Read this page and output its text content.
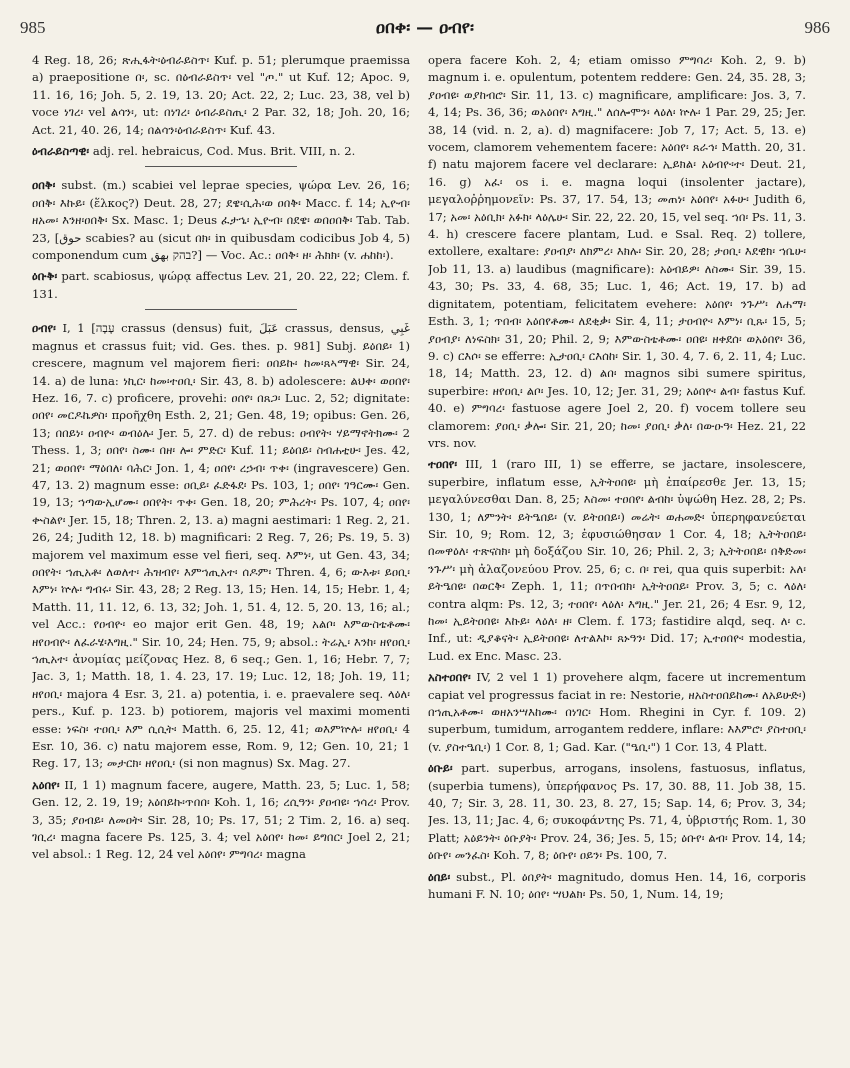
985	ዐበቀ፡ — ዐብየ፡	986

4 Reg. 18, 26; ጽሒፋት፡ዕብራይስጥ፡ Kuf. p. 51; plerumque praemissa a) praepositione በ፡, sc. በዕብራይስጥ፡ vel "ጦ." ut Kuf. 12; Apoc. 9, 11. 16, 16; Joh. 5, 2. 19, 13. 20; Act. 22, 2; Luc. 23, 38, vel b) voce ነገረ፡ vel ልሳን፡, ut: በነገረ፡ ዕብራይስጢ፡ 2 Par. 32, 18; Joh. 20, 16; Act. 21, 40. 26, 14; በልሳን፡ዕብራይስጥ፡ Kuf. 43.

ዕብራይስጣዊ፡ adj. rel. hebraicus, Cod. Mus. Brit. VIII, n. 2.

ዐበቅ፡ subst. (m.) scabiei vel leprae species, ψώρα Lev. 26, 16; ዐበቅ፡ እኩይ፡ (ἕλκος?) Deut. 28, 27; ደዌ፡ሲሕ፡ወ ዐበቅ፡ Macc. f. 14; ኢዮብ፡ዘአመ፡ እንዘ፡ዐበቅ፡ Sx. Masc. 1; Deus ፈታኄ፡ ኢዮብ፡ በደዌ፡ ወበዐበቅ፡ Tab. Tab. 23, [ﺣﻮﻕ scabies? au (sicut በክ፡ in quibusdam codicibus Job 4, 5) componendum cum בהק ﺑﻬﻖ?] — Voc. Ac.: ዐበቅ፡ ዘ፡ ሕክክ፡ (v. ሐከከ፡).

ዕቡቅ፡ part. scabiosus, ψώρᾳ affectus Lev. 21, 20. 22, 22; Clem. f. 131.

ዐብየ፡ I, 1 [עָבָה crassus (densus) fuit, ﻋَﺒَﻞَ crassus, densus, ﻏَﺒِﻲ magnus et crassus fuit; vid. Ges. thes. p. 981] Subj. ይዕበይ፡ 1) crescere, magnum vel majorem fieri: ዐበይኩ፡ ከመ፡ጸኣማዊ፡ Sir. 24, 14. a) de luna: ነኪር፡ ከመ፡ተዐቢ፡ Sir. 43, 8. b) adolescere: ልህቀ፡ ወዐበየ፡ Hez. 16, 7. c) proficere, provehi: ዐበየ፡ በጸጋ፡ Luc. 2, 52; dignitate: ዐበየ፡ መርዶኬዎስ፡ προῆχθη Esth. 2, 21; Gen. 48, 19; opibus: Gen. 26, 13; በበይነ፡ ዐብዮ፡ ወብዕሉ፡ Jer. 5, 27. d) de rebus: ዐብየት፡ ሃይማኖትክሙ፡ 2 Thess. 1, 3; ዐበየ፡ ስሙ፡ በዘ፡ ሎ፡ ምድር፡ Kuf. 11; ይዕበይ፡ ስብሐቲሁ፡ Jes. 42, 21; ወዐበየ፡ ማዕበለ፡ ባሕር፡ Jon. 1, 4; ዐበየ፡ ረኃብ፡ ጥቀ፡ (ingravescere) Gen. 47, 13. 2) magnum esse: ዐቢይ፡ ፈድፋደ፡ Ps. 103, 1; ዐበየ፡ ገዓርሙ፡ Gen. 19, 13; ኀጣውኢሆሙ፡ ዐበየት፡ ጥቀ፡ Gen. 18, 20; ምሕረት፡ Ps. 107, 4; ዐበየ፡ ቍስልየ፡ Jer. 15, 18; Thren. 2, 13. a) magni aestimari: 1 Reg. 2, 21. 26, 24; Judith 12, 18. b) magnificari: 2 Reg. 7, 26; Ps. 19, 5. 3) majorem vel maximum esse vel fieri, seq. እምነ፡, ut Gen. 43, 34; ዐበየት፡ ኀጢአቶ፡ ለወለተ፡ ሕዝብየ፡ እምኀጢአተ፡ ሰዶም፡ Thren. 4, 6; ውእቱ፡ ይዐቢ፡ እምነ፡ ኵሉ፡ ግብሩ፡ Sir. 43, 28; 2 Reg. 13, 15; Hen. 14, 15; Hebr. 1, 4; Matth. 11, 11. 12, 6. 13, 32; Joh. 1, 51. 4, 12. 5, 20. 13, 16; al.; vel Acc.: የዐብዮ፡ eo major erit Gen. 48, 19; አልቦ፡ እምውስቴቶሙ፡ ዘየዐብዮ፡ ለፈራሄ፡እግዚ." Sir. 10, 24; Hen. 75, 9; absol.: ትሬኢ፡ እንከ፡ ዘየዐቢ፡ ኀጢአተ፡ ἀνομίας μείζονας Hez. 8, 6 seq.; Gen. 1, 16; Hebr. 7, 7; Jac. 3, 1; Matth. 18, 1. 4. 23, 17. 19; Luc. 12, 18; Joh. 19, 11; ዘየዐቢ፡ majora 4 Esr. 3, 21. a) potentia, i. e. praevalere seq. ላዕለ፡ pers., Kuf. p. 123. b) potiorem, majoris vel maximi momenti esse: ነፍስ፡ ተዐቢ፡ እም ሲሲት፡ Matth. 6, 25. 12, 41; ወእምኵሉ፡ ዘየዐቢ፡ 4 Esr. 10, 36. c) natu majorem esse, Rom. 9, 12; Gen. 10, 21; 1 Reg. 17, 13; መታርክ፡ ዘየዐቢ፡ (si non magnus) Sx. Mag. 27.

አዕበየ፡ II, 1 1) magnum facere, augere, Matth. 23, 5; Luc. 1, 58; Gen. 12, 2. 19, 19; አዕበይኩ፡ጥበበ፡ Koh. 1, 16; ረሲዓን፡ ያዐብዩ፡ ኀሳረ፡ Prov. 3, 35; ያዐብይ፡ ለመዐት፡ Sir. 28, 10; Ps. 17, 51; 2 Tim. 2, 16. a) seq. ገቢረ፡ magna facere Ps. 125, 3. 4; vel አዕበየ፡ ከመ፡ ይግበር፡ Joel 2, 21; vel absol.: 1 Reg. 12, 24 vel አዕበየ፡ ምግባረ፡ magna

opera facere Koh. 2, 4; etiam omisso ምግባረ፡ Koh. 2, 9. b) magnum i. e. opulentum, potentem reddere: Gen. 24, 35. 28, 3; ያዐብዩ፡ ወያከብሮ፡ Sir. 11, 13. c) magnificare, amplificare: Jos. 3, 7. 4, 14; Ps. 36, 36; ወአዕበየ፡ እግዚ." ለሰሎሞን፡ ላዕለ፡ ኵሉ፡ 1 Par. 29, 25; Jer. 38, 14 (vid. n. 2, a). d) magnifacere: Job 7, 17; Act. 5, 13. e) vocem, clamorem vehementem facere: አዕበየ፡ ጸራኅ፡ Matth. 20, 31. f) natu majorem facere vel declarare: ኢይክል፡ አዕብዮ፡ተ፡ Deut. 21, 16. g) አፈ፡ os i. e. magna loqui (insolenter jactare), μεγαλοῤῥημονεῖν: Ps. 37, 17. 54, 13; መጠነ፡ አዕበየ፡ አፉሁ፡ Judith 6, 17; አመ፡ አዕቢክ፡ አፉክ፡ ላዕሌሁ፡ Sir. 22, 22. 20, 15, vel seq. ኀበ፡ Ps. 11, 3. 4. h) crescere facere plantam, Lud. e Ssal. Req. 2) tollere, extollere, exaltare: ያዐብያ፡ ለክምረ፡ እክሉ፡ Sir. 20, 28; ታዐቢ፡ እደዊክ፡ ኀቤሁ፡ Job 11, 13. a) laudibus (magnificare): አዕብይዎ፡ ለስሙ፡ Sir. 39, 15. 43, 30; Ps. 33, 4. 68, 35; Luc. 1, 46; Act. 19, 17. b) ad dignitatem, potentiam, felicitatem evehere: አዕበየ፡ ንጉሥ፡ ለሐማ፡ Esth. 3, 1; ጥበብ፡ አዕበየቶሙ፡ ለደቂቃ፡ Sir. 4, 11; ታዐብዮ፡ እምነ፡ ቢጹ፡ 15, 5; ያዐብያ፡ ለነፍስክ፡ 31, 20; Phil. 2, 9; እምውስቴቶሙ፡ ዐበዩ፡ ዘቀደሰ፡ ወአዕበየ፡ 36, 9. c) ርእሶ፡ se efferre: ኢታዐቢ፡ ርእሰከ፡ Sir. 1, 30. 4, 7. 6, 2. 11, 4; Luc. 18, 14; Matth. 23, 12. d) ልበ፡ magnos sibi sumere spiritus, superbire: ዘየዐቢ፡ ልቦ፡ Jes. 10, 12; Jer. 31, 29; አዕበዮ፡ ልብ፡ fastus Kuf. 40. e) ምግባረ፡ fastuose agere Joel 2, 20. f) vocem tollere seu clamorem: ያዐቢ፡ ቃሎ፡ Sir. 21, 20; ከመ፡ ያዐቢ፡ ቃለ፡ በውዑዓ፡ Hez. 21, 22 vrs. nov.

ተዐበየ፡ III, 1 (raro III, 1) se efferre, se jactare, insolescere, superbire, inflatum esse, ኢትትዐበዩ፡ μὴ ἐπαίρεσθε Jer. 13, 15; μεγαλύνεσθαι Dan. 8, 25; እስመ፡ ተዐበየ፡ ልብከ፡ ὑψώθη Hez. 28, 2; Ps. 130, 1; ለምንት፡ ይትዔበይ፡ (v. ይትዐበይ፡) መሬት፡ ወሐመድ፡ ὑπερηφανεύεται Sir. 10, 9; Rom. 12, 3; ἐφυσιώθησαν 1 Cor. 4, 18; ኢትትዐበይ፡ በመዋዕለ፡ ተጽናስክ፡ μὴ δοξάζου Sir. 10, 26; Phil. 2, 3; ኢትትዐበይ፡ በቅድመ፡ ንጉሥ፡ μὴ ἀλαζονεύου Prov. 25, 6; c. በ፡ rei, qua quis superbit: አለ፡ ይትዔበዩ፡ በወርቅ፡ Zeph. 1, 11; በጥበብክ፡ ኢትትዐበይ፡ Prov. 3, 5; c. ላዕለ፡ contra alqm: Ps. 12, 3; ተዐበየ፡ ላዕለ፡ እግዚ." Jer. 21, 26; 4 Esr. 9, 12, ከመ፡ ኢይትዐበዩ፡ እኩይ፡ ላዕለ፡ ዘ፡ Clem. f. 173; fastidire alqd, seq. ለ፡ c. Inf., ut: ዲያቆናት፡ ኢይትዐበዩ፡ ለተልእኮ፡ ጸኑዓን፡ Did. 17; ኢተዐበዮ፡ modestia, Lud. ex Enc. Masc. 23.

አስተዐበየ፡ IV, 2 vel 1 1) provehere alqm, facere ut incrementum capiat vel progressus faciat in re: Nestorie, ዘአስተዐበይከሙ፡ ለአይሁድ፡) በኀጢአቶሙ፡ ወዘአንሣእከሙ፡ በነገር፡ Hom. Rhegini in Cyr. f. 109. 2) superbum, tumidum, arrogantem reddere, inflare: እእምሮ፡ ያስተዐቢ፡ (v. ያስተዔቢ፡) 1 Cor. 8, 1; Gad. Kar. ("ዔቢ፡") 1 Cor. 13, 4 Platt.

ዕቡይ፡ part. superbus, arrogans, insolens, fastuosus, inflatus, (superbia tumens), ὑπερήφανος Ps. 17, 30. 88, 11. Job 38, 15. 40, 7; Sir. 3, 28. 11, 30. 23, 8. 27, 15; Sap. 14, 6; Prov. 3, 34; Jes. 13, 11; Jac. 4, 6; συκοφάντης Ps. 71, 4, ὑβριστής Rom. 1, 30 Platt; አዕይንት፡ ዕቡያት፡ Prov. 24, 36; Jes. 5, 15; ዕቡየ፡ ልብ፡ Prov. 14, 14; ዕቡየ፡ መንፈስ፡ Koh. 7, 8; ዕቡየ፡ ዐይን፡ Ps. 100, 7.

ዕበይ፡ subst., Pl. ዕበያት፡ magnitudo, domus Hen. 14, 16, corporis humani F. N. 10; ዕበየ፡ ሣህልክ፡ Ps. 50, 1, Num. 14, 19;
